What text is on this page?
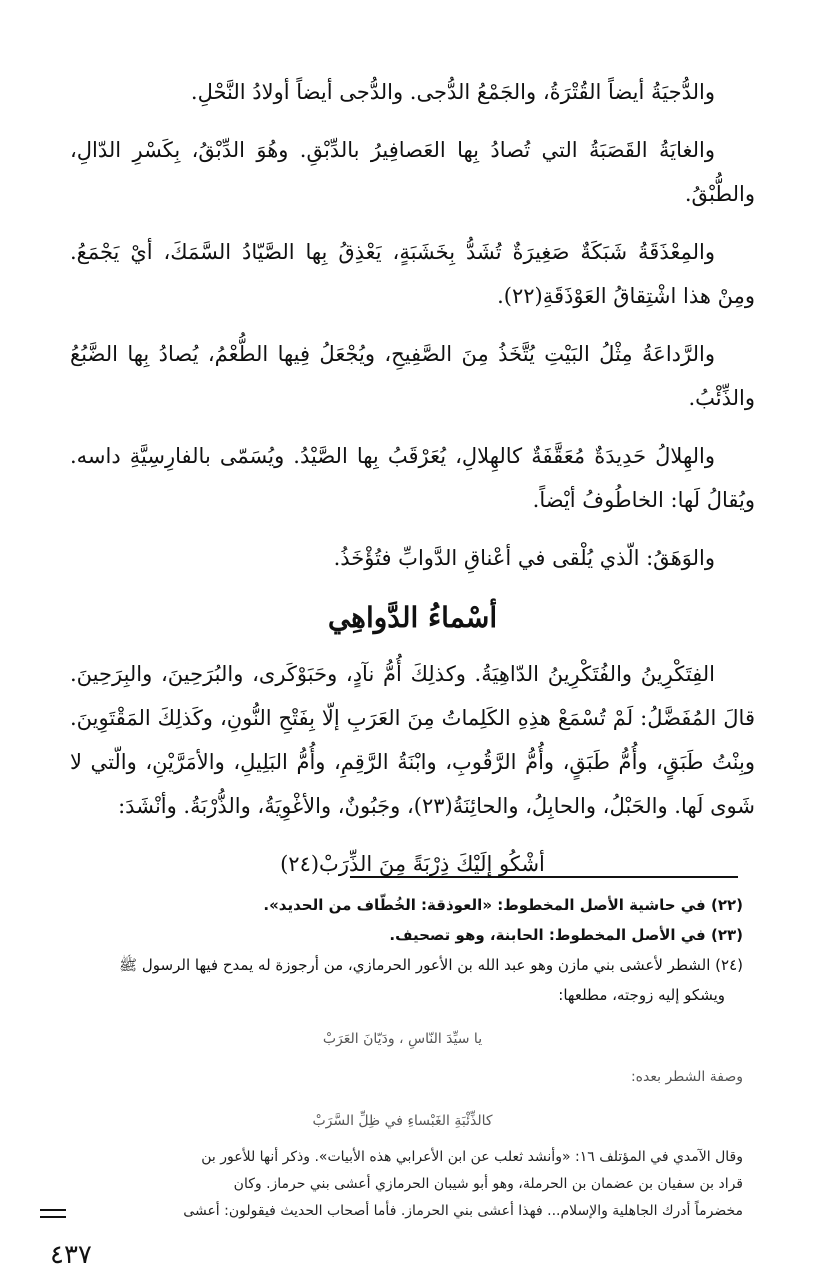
والدُّجيَةُ أيضاً القُتْرَةُ، والجَمْعُ الدُّجى. والدُّجى أيضاً أولادُ النَّحْلِ.

والغايَةُ القَصَبَةُ التي تُصادُ بِها العَصافِيرُ بالدِّبْقِ. وهُوَ الدِّبْقُ، بِكَسْرِ الدّالِ، والطُّبْقُ.

والمِعْذَقَةُ شَبَكَةٌ صَغِيرَةٌ تُشَدُّ بِخَشَبَةٍ، يَعْذِقُ بِها الصَّيّادُ السَّمَكَ، أيْ يَجْمَعُ. ومِنْ هذا اشْتِقاقُ العَوْذَقَةِ(٢٢).

والرَّداعَةُ مِثْلُ البَيْتِ يُتَّخَذُ مِنَ الصَّفِيحِ، ويُجْعَلُ فِيها الطُّعْمُ، يُصادُ بِها الضَّبُعُ والذِّئْبُ.

والهِلالُ حَدِيدَةٌ مُعَقَّفَةٌ كالهِلالِ، يُعَرْقَبُ بِها الصَّيْدُ. ويُسَمّى بالفارِسِيَّةِ داسه. ويُقالُ لَها: الخاطُوفُ أيْضاً.

والوَهَقُ: الّذي يُلْقى في أعْناقِ الدَّوابِّ فتُؤْخَذُ.

أسْماءُ الدَّواهِي

الفِتَكْرِينُ والفُتَكْرِينُ الدّاهِيَةُ. وكذلِكَ أُمُّ نآدٍ، وحَبَوْكَرى، والبُرَحِينَ، والبِرَحِينَ. قالَ المُفَضَّلُ: لَمْ تُسْمَعْ هذِهِ الكَلِماتُ مِنَ العَرَبِ إلّا بِفَتْحِ النُّونِ، وكَذلِكَ المَقْتَوِينَ. وبِنْتُ طَبَقٍ، وأُمُّ طَبَقٍ، وأُمُّ الرَّقُوبِ، وابْنَةُ الرَّقِمِ، وأُمُّ البَلِيلِ، والأمَرَّيْنِ، والّتي لا شَوى لَها. والحَبْلُ، والحابِلُ، والحائِنَةُ(٢٣)، وجَبُونٌ، والأغْوِيَةُ، والذُّرْبَةُ. وأنْشَدَ:

أشْكُو إلَيْكَ ذِرْبَةً مِنَ الذِّرَبْ(٢٤)

(٢٢) في حاشية الأصل المخطوط: «العوذقة: الخُطّاف من الحديد».

(٢٣) في الأصل المخطوط: الحابنة، وهو تصحيف.

(٢٤) الشطر لأعشى بني مازن وهو عبد الله بن الأعور الحرمازي، من أرجوزة له يمدح فيها الرسول ﷺ

ويشكو إليه زوجته، مطلعها:

يا سيِّدَ النّاسِ ، ودَيّانَ العَرَبْ

وصفة الشطر بعده:

كالذِّئْبَةِ الغَبْساءِ في ظِلِّ السَّرَبْ

وقال الآمدي في المؤتلف ١٦: «وأنشد ثعلب عن ابن الأعرابي هذه الأبيات». وذكر أنها للأعور بن

قراد بن سفيان بن عضمان بن الحرملة، وهو أبو شيبان الحرمازي أعشى بني حرماز. وكان

مخضرماً أدرك الجاهلية والإسلام... فهذا أعشى بني الحرماز. فأما أصحاب الحديث فيقولون: أعشى

٤٣٧
